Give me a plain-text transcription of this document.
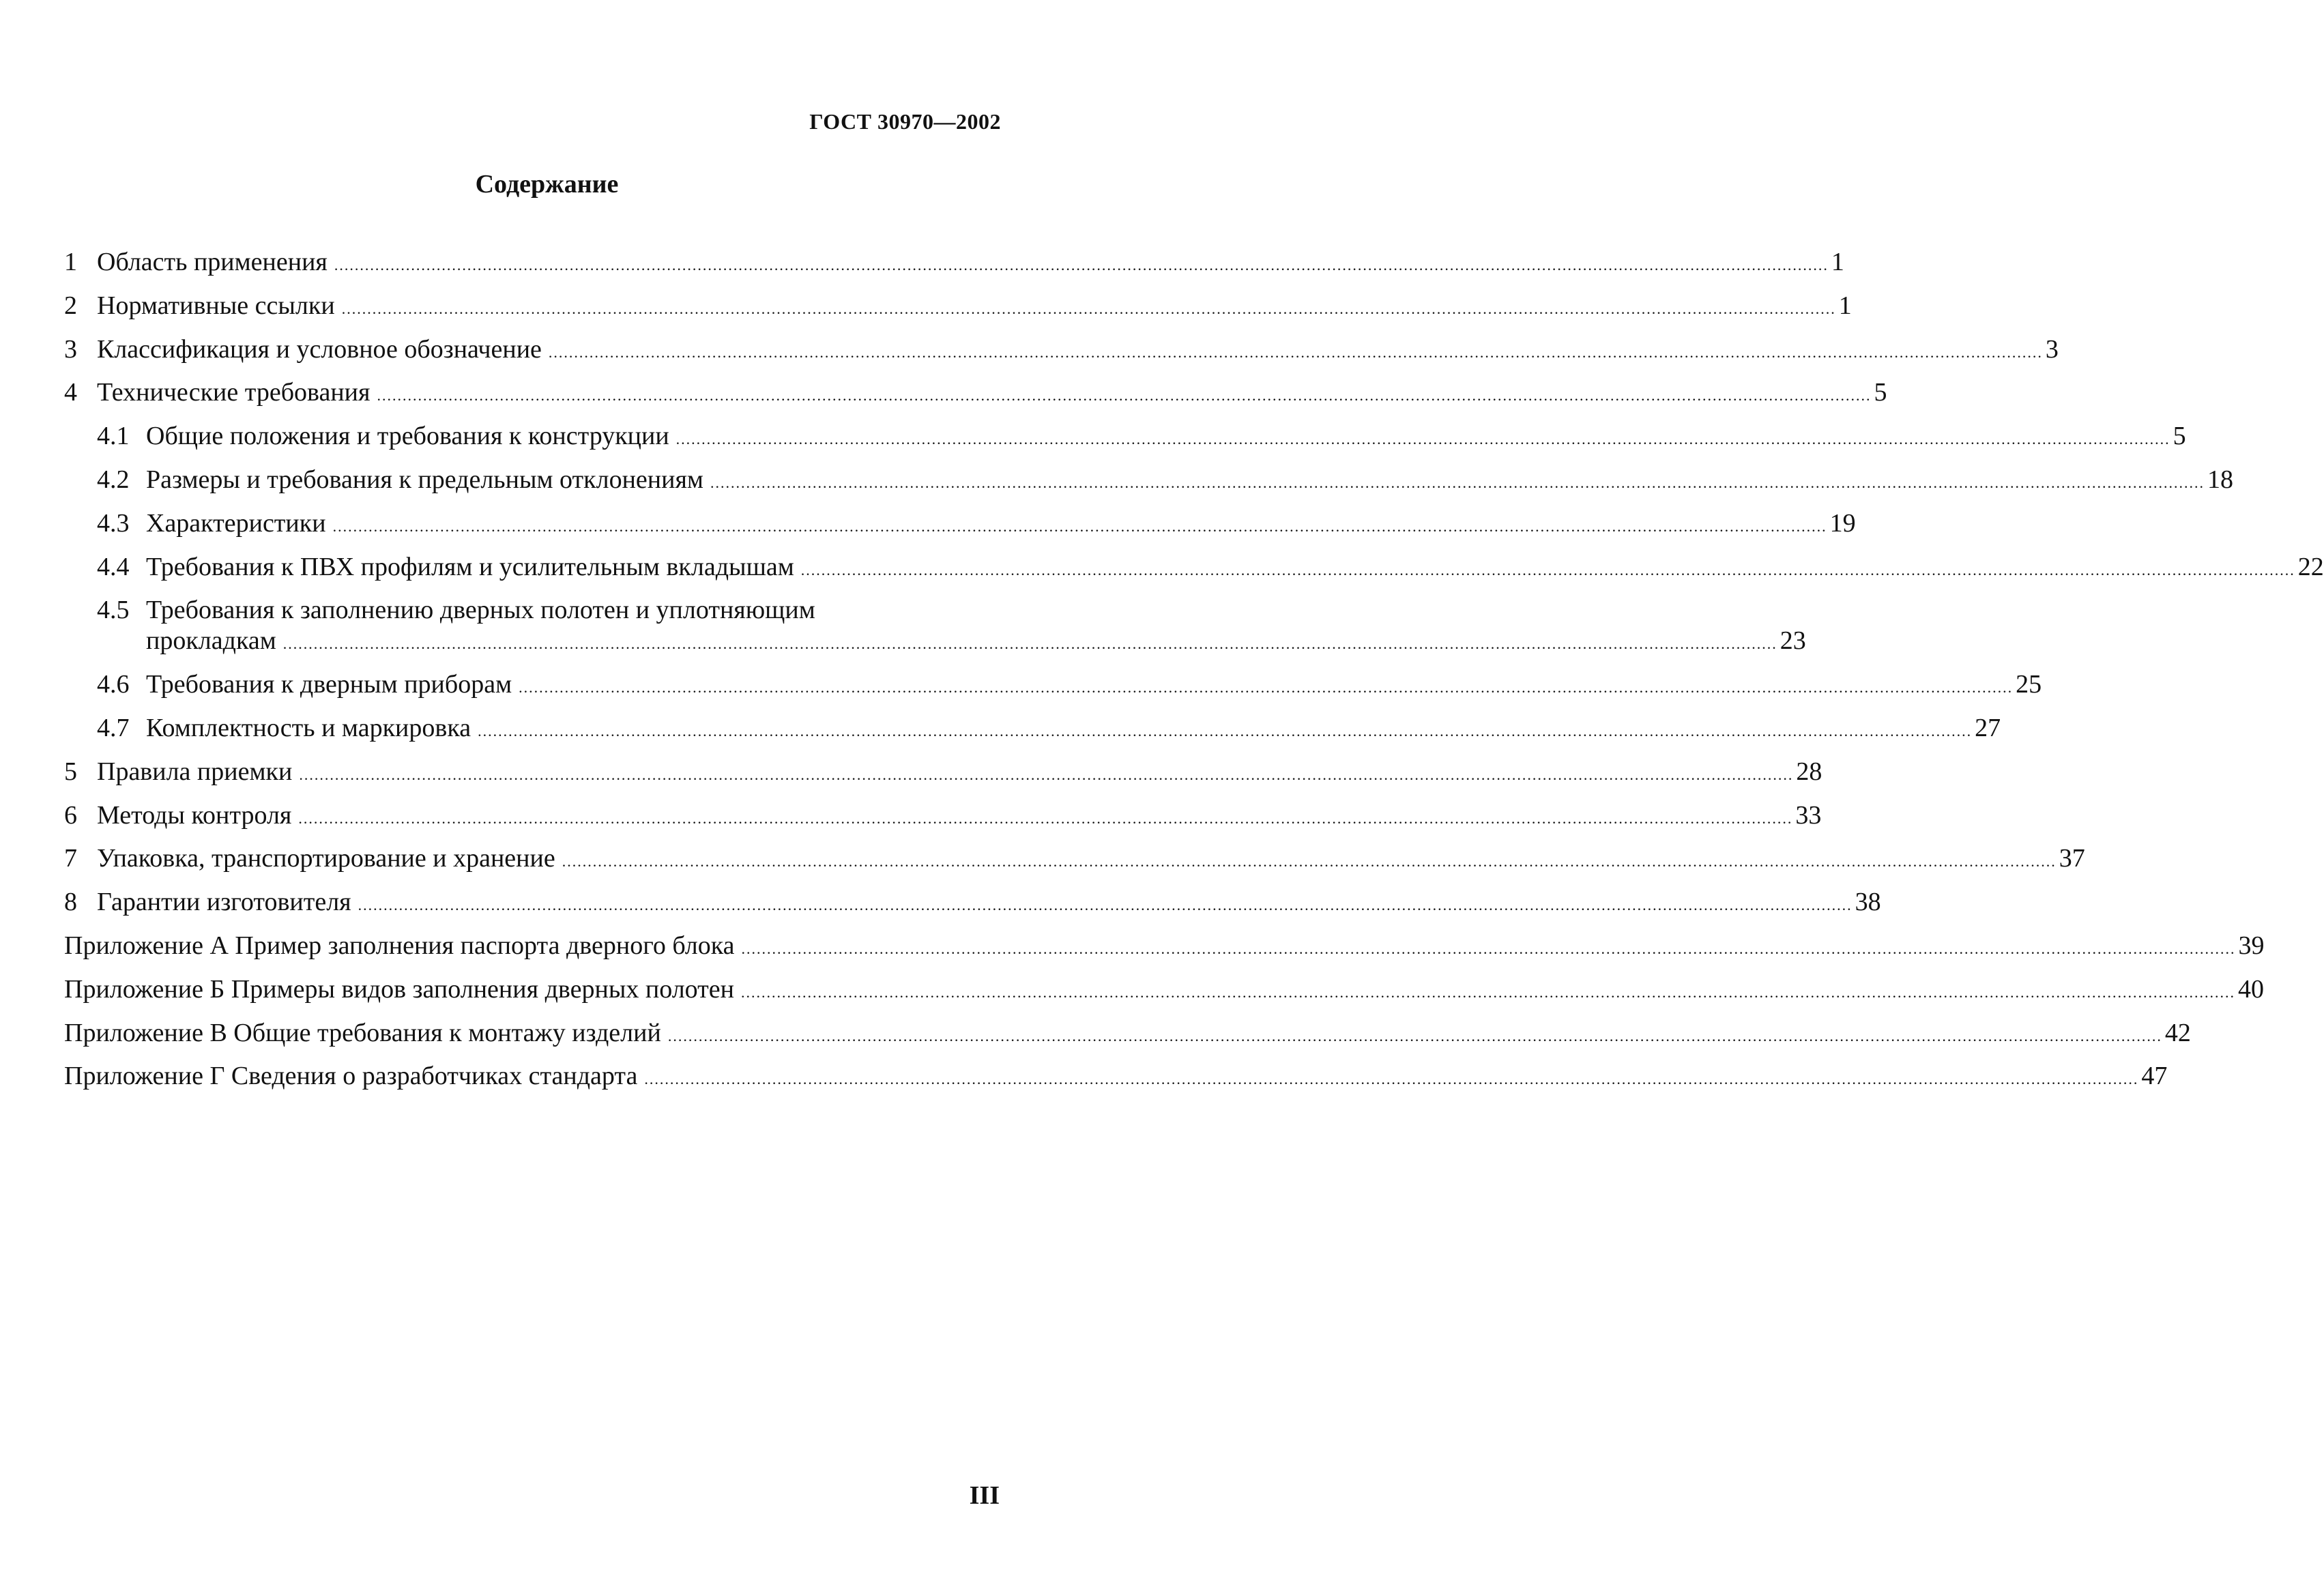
ГОСТ 30970—2002
Содержание
1 Область применения .....	1
2 Нормативные ссылки .....	1
3 Классификация и условное обозначение .....	3
4 Технические требования .....	5
4.1 Общие положения и требования к конструкции .....	5
4.2 Размеры и требования к предельным отклонениям .....	18
4.3 Характеристики .....	19
4.4 Требования к ПВХ профилям и усилительным вкладышам .....	22
4.5 Требования к заполнению дверных полотен и уплотняющим
прокладкам .....	23
4.6 Требования к дверным приборам .....	25
4.7 Комплектность и маркировка .....	27
5 Правила приемки .....	28
6 Методы контроля .....	33
7 Упаковка, транспортирование и хранение .....	37
8 Гарантии изготовителя .....	38
Приложение А Пример заполнения паспорта дверного блока .....	39
Приложение Б Примеры видов заполнения дверных полотен .....	40
Приложение В Общие требования к монтажу изделий .....	42
Приложение Г Сведения о разработчиках стандарта .....	47
III
